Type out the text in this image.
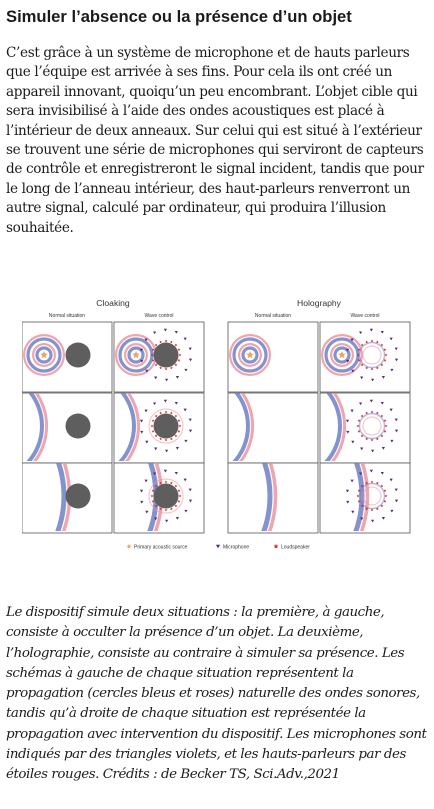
Simuler l’absence ou la présence d’un objet

C’est grâce à un système de microphone et de hauts parleurs que l’équipe est arrivée à ses fins. Pour cela ils ont créé un appareil innovant, quoiqu’un peu encombrant. L’objet cible qui sera invisibilisé à l’aide des ondes acoustiques est placé à l’intérieur de deux anneaux. Sur celui qui est situé à l’extérieur se trouvent une série de microphones qui serviront de capteurs de contrôle et enregistreront le signal incident, tandis que pour le long de l’anneau intérieur, des haut-parleurs renverront un autre signal, calculé par ordinateur, qui produira l’illusion souhaitée.

Cloaking
Normal situation	Wave control
Holography
Normal situation	Wave control
Primary acoustic source	Microphone	Loudspeaker

Le dispositif simule deux situations : la première, à gauche, consiste à occulter la présence d’un objet. La deuxième, l’holographie, consiste au contraire à simuler sa présence. Les schémas à gauche de chaque situation représentent la propagation (cercles bleus et roses) naturelle des ondes sonores, tandis qu’à droite de chaque situation est représentée la propagation avec intervention du dispositif. Les microphones sont indiqués par des triangles violets, et les hauts-parleurs par des étoiles rouges. Crédits : de Becker TS, Sci.Adv.,2021
